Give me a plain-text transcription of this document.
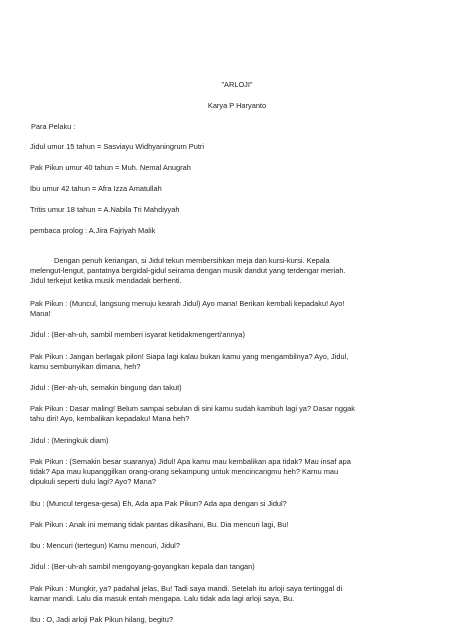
"ARLOJI"
Karya P Haryanto
Para Pelaku :
Jidul umur 15 tahun = Sasviayu Widhyaningrum Putri
Pak Pikun umur 40 tahun = Muh. Nemal Anugrah
Ibu umur 42 tahun = Afra Izza Amatullah
Tritis umur 18 tahun = A.Nabila Tri Mahdiyyah
pembaca prolog : A.Jira Fajriyah Malik
Dengan penuh keriangan, si Jidul tekun membersihkan meja dan kursi-kursi. Kepala
melengut-lengut, pantatnya bergidal-gidul seirama dengan musik dandut yang terdengar meriah.
Jidul terkejut ketika musik mendadak berhenti.
Pak Pikun : (Muncul, langsung menuju kearah Jidul) Ayo mana! Berikan kembali kepadaku! Ayo!
Mana!
Jidul : (Ber-ah-uh, sambil memberi isyarat ketidakmengerti'annya)
Pak Pikun : Jangan berlagak pilon! Siapa lagi kalau bukan kamu yang mengambilnya? Ayo, Jidul,
kamu sembunyikan dimana, heh?
Jidul : (Ber-ah-uh, semakin bingung dan takut)
Pak Pikun : Dasar maling! Belum sampai sebulan di sini kamu sudah kambuh lagi ya? Dasar nggak
tahu diri! Ayo, kembalikan kepadaku! Mana heh?
Jidul : (Meringkuk diam)
Pak Pikun : (Semakin besar suaranya) Jidul! Apa kamu mau kembalikan apa tidak? Mau insaf apa
tidak? Apa mau kupanggilkan orang-orang sekampung untuk mencincangmu heh? Karnu mau
dipukuli seperti dulu lagi? Ayo? Mana?
Ibu : (Muncul tergesa-gesa) Eh, Ada apa Pak Pikun? Ada apa dengan si Jidul?
Pak Pikun : Anak ini memang tidak pantas dikasihani, Bu. Dia mencuri lagi, Bu!
Ibu : Mencuri (tertegun) Kamu mencuri, Jidul?
Jidul : (Ber-uh-ah sambil mengoyang-goyangkan kepala dan tangan)
Pak Pikun : Mungkir, ya? padahal jelas, Bu! Tadi saya mandi. Setelah itu arloji saya tertinggal di
kamar mandi. Lalu dia masuk entah mengapa. Lalu tidak ada lagi arloji saya, Bu.
Ibu : O, Jadi arloji Pak Pikun hilang, begitu?
